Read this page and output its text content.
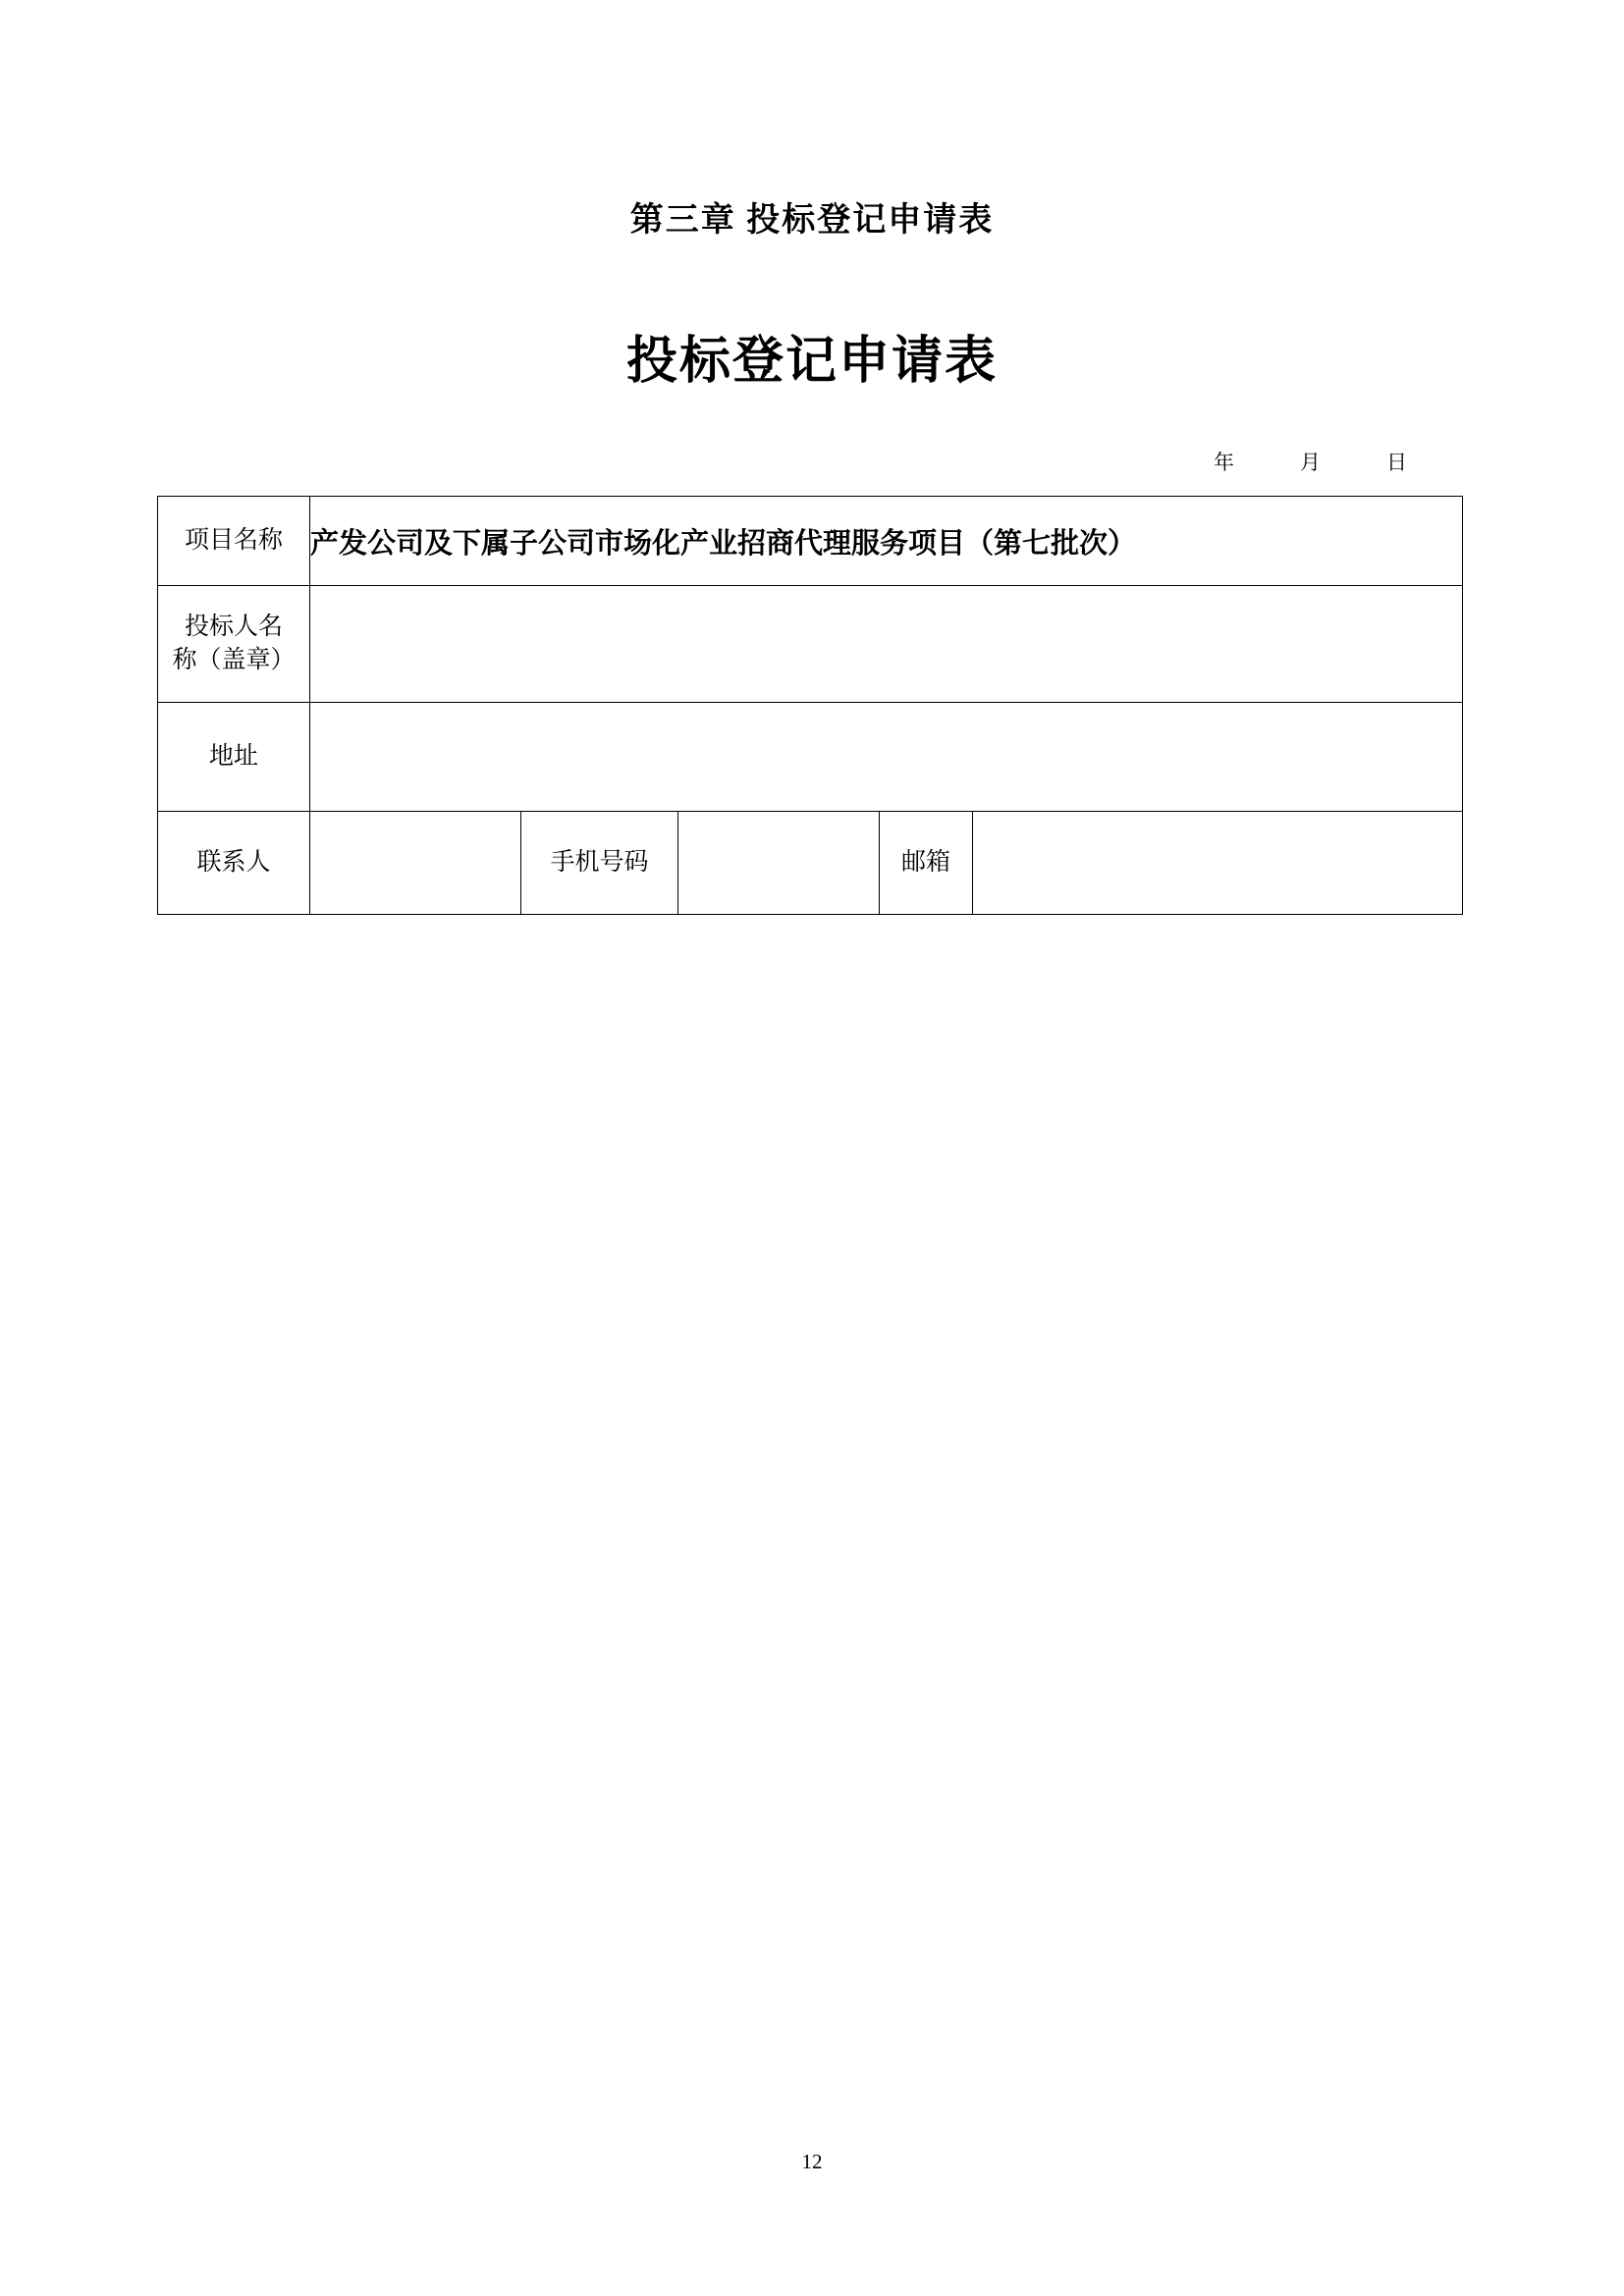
第三章 投标登记申请表
投标登记申请表
年	月	日
项目名称	产发公司及下属子公司市场化产业招商代理服务项目（第七批次）				

投标人名
称（盖章）					

地址					
联系人		手机号码		邮箱	
12
